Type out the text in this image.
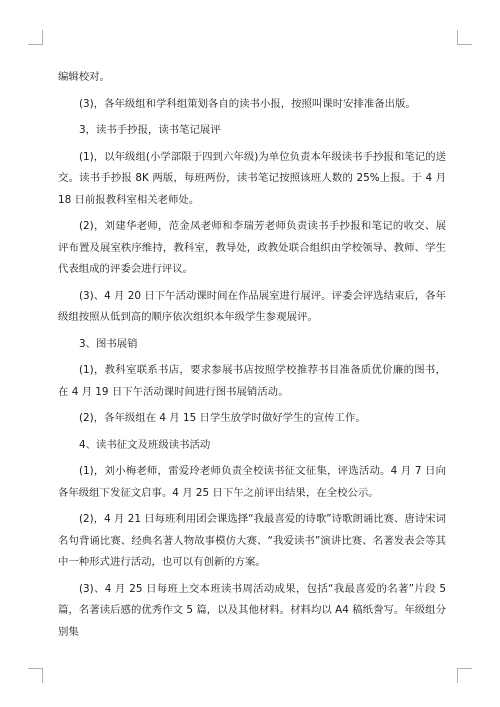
编辑校对。

(3)，各年级组和学科组策划各自的读书小报，按照叫课时安排准备出版。

3，读书手抄报，读书笔记展评

(1)，以年级组(小学部限于四到六年级)为单位负责本年级读书手抄报和笔记的送交。读书手抄报 8K 两版，每班两份，读书笔记按照该班人数的 25%上报。于 4 月 18 日前报教科室相关老师处。

(2)，刘建华老师，范金凤老师和李瑞芳老师负责读书手抄报和笔记的收交、展评布置及展室秩序维持，教科室，教导处，政教处联合组织由学校领导、教师、学生代表组成的评委会进行评议。

(3)、4 月 20 日下午活动课时间在作品展室进行展评。评委会评选结束后，各年级组按照从低到高的顺序依次组织本年级学生参观展评。

3、图书展销

(1)，教科室联系书店，要求参展书店按照学校推荐书目准备质优价廉的图书，在 4 月 19 日下午活动课时间进行图书展销活动。

(2)，各年级组在 4 月 15 日学生放学时做好学生的宣传工作。

4、读书征文及班级读书活动

(1)，刘小梅老师，雷爱玲老师负责全校读书征文征集，评选活动。4 月 7 日向各年级组下发征文启事。4 月 25 日下午之前评出结果，在全校公示。

(2)，4 月 21 日每班利用团会课选择“我最喜爱的诗歌”诗歌朗诵比赛、唐诗宋词名句背诵比赛、经典名著人物故事模仿大赛、“我爱读书”演讲比赛、名著发表会等其中一种形式进行活动，也可以有创新的方案。

(3)、4 月 25 日每班上交本班读书周活动成果，包括“我最喜爱的名著”片段 5 篇，名著读后感的优秀作文 5 篇，以及其他材料。材料均以 A4 稿纸誊写。年级组分别集
